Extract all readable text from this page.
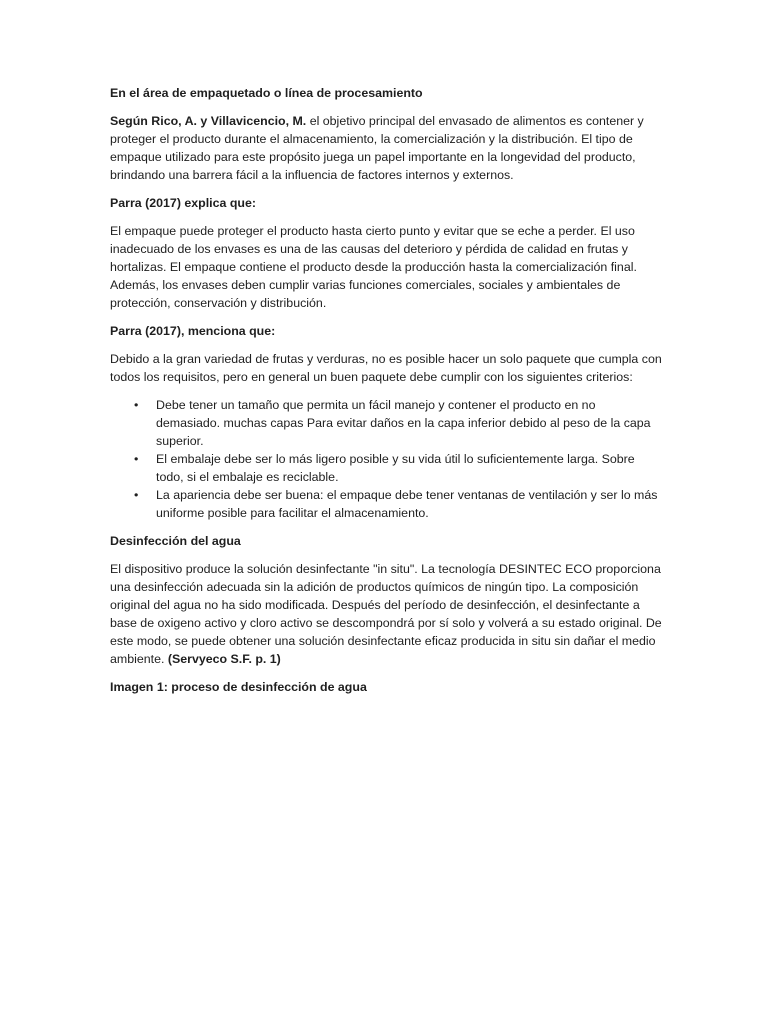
En el área de empaquetado o línea de procesamiento

Según Rico, A. y Villavicencio, M. el objetivo principal del envasado de alimentos es contener y proteger el producto durante el almacenamiento, la comercialización y la distribución. El tipo de empaque utilizado para este propósito juega un papel importante en la longevidad del producto, brindando una barrera fácil a la influencia de factores internos y externos.

Parra (2017) explica que:

El empaque puede proteger el producto hasta cierto punto y evitar que se eche a perder. El uso inadecuado de los envases es una de las causas del deterioro y pérdida de calidad en frutas y hortalizas. El empaque contiene el producto desde la producción hasta la comercialización final. Además, los envases deben cumplir varias funciones comerciales, sociales y ambientales de protección, conservación y distribución.

Parra (2017), menciona que:

Debido a la gran variedad de frutas y verduras, no es posible hacer un solo paquete que cumpla con todos los requisitos, pero en general un buen paquete debe cumplir con los siguientes criterios:

• Debe tener un tamaño que permita un fácil manejo y contener el producto en no demasiado. muchas capas Para evitar daños en la capa inferior debido al peso de la capa superior.
• El embalaje debe ser lo más ligero posible y su vida útil lo suficientemente larga. Sobre todo, si el embalaje es reciclable.
• La apariencia debe ser buena: el empaque debe tener ventanas de ventilación y ser lo más uniforme posible para facilitar el almacenamiento.

Desinfección del agua

El dispositivo produce la solución desinfectante "in situ". La tecnología DESINTEC ECO proporciona una desinfección adecuada sin la adición de productos químicos de ningún tipo. La composición original del agua no ha sido modificada. Después del período de desinfección, el desinfectante a base de oxigeno activo y cloro activo se descompondrá por sí solo y volverá a su estado original. De este modo, se puede obtener una solución desinfectante eficaz producida in situ sin dañar el medio ambiente. (Servyeco S.F. p. 1)

Imagen 1: proceso de desinfección de agua
